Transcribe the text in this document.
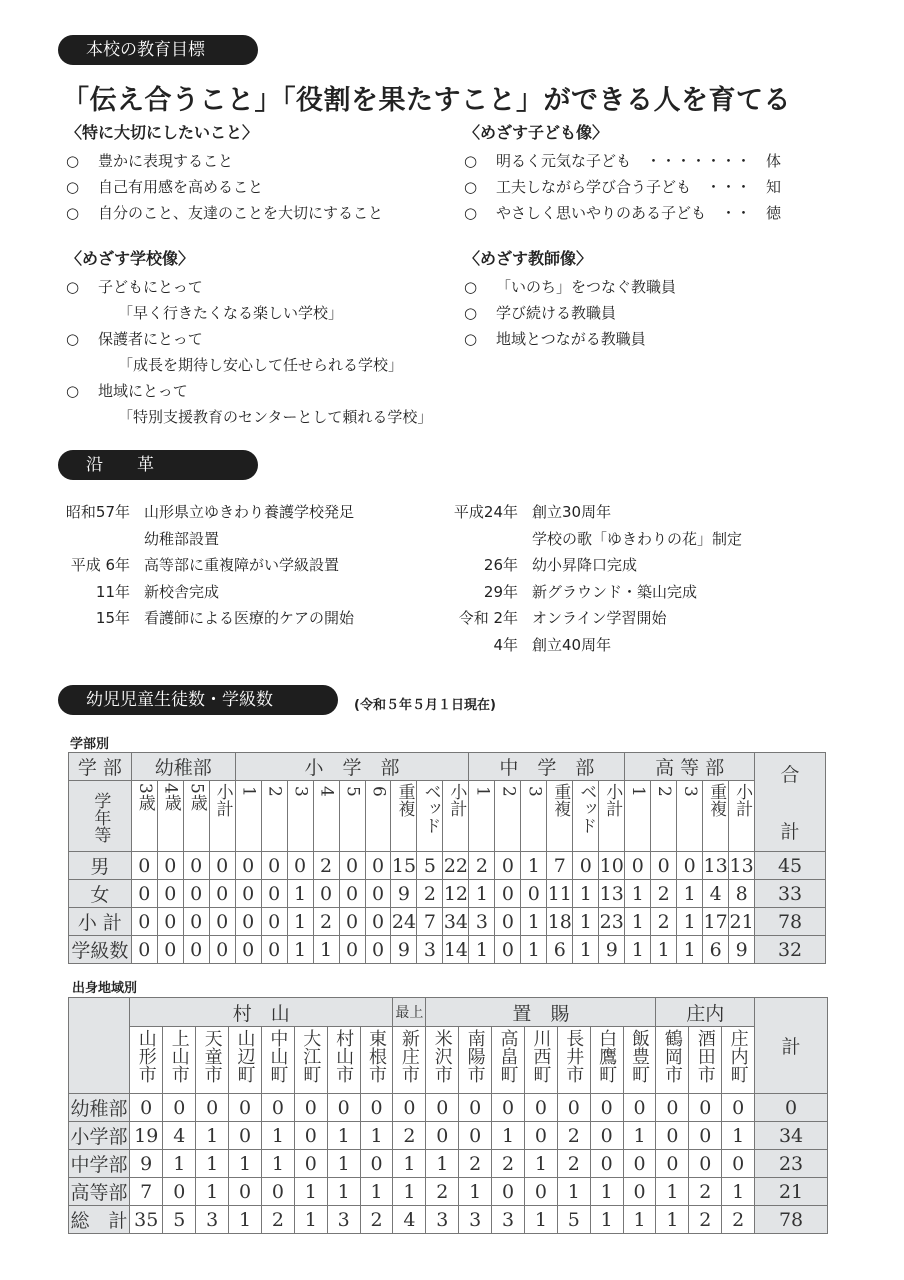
本校の教育目標
「伝え合うこと」「役割を果たすこと」ができる人を育てる
〈特に大切にしたいこと〉
○ 豊かに表現すること
○ 自己有用感を高めること
○ 自分のこと、友達のことを大切にすること
〈めざす子ども像〉
○ 明るく元気な子ども　・・・・・・・ 体
○ 工夫しながら学び合う子ども　・・・ 知
○ やさしく思いやりのある子ども　・・ 徳
〈めざす学校像〉
○ 子どもにとって
「早く行きたくなる楽しい学校」
○ 保護者にとって
「成長を期待し安心して任せられる学校」
○ 地域にとって
「特別支援教育のセンターとして頼れる学校」
〈めざす教師像〉
○ 「いのち」をつなぐ教職員
○ 学び続ける教職員
○ 地域とつながる教職員
沿　　革
昭和57年 山形県立ゆきわり養護学校発足
幼稚部設置
平成 6年 高等部に重複障がい学級設置
11年 新校舎完成
15年 看護師による医療的ケアの開始
平成24年 創立30周年
学校の歌「ゆきわりの花」制定
26年 幼小昇降口完成
29年 新グラウンド・築山完成
令和 2年 オンライン学習開始
4年 創立40周年
幼児児童生徒数・学級数	(令和５年５月１日現在)
学部別
学 部	幼稚部				小　学　部									中　学　部						高 等 部					合
計

学年等	3歳	4歳	5歳	小計	1	2	3	4	5	6	重複	ベッド	小計	1	2	3	重複	ベッド	小計	1	2	3	重複	小計	
男	0	0	0	0	0	0	0	2	0	0	15	5	22	2	0	1	7	0	10	0	0	0	13	13	45
女	0	0	0	0	0	0	1	0	0	0	9	2	12	1	0	0	11	1	13	1	2	1	4	8	33
小 計	0	0	0	0	0	0	1	2	0	0	24	7	34	3	0	1	18	1	23	1	2	1	17	21	78
学級数	0	0	0	0	0	0	1	1	0	0	9	3	14	1	0	1	6	1	9	1	1	1	6	9	32
出身地域別
	村　山								最上	置　賜							庄内			計
	山形市	上山市	天童市	山辺町	中山町	大江町	村山市	東根市	新庄市	米沢市	南陽市	高畠町	川西町	長井市	白鷹町	飯豊町	鶴岡市	酒田市	庄内町	
幼稚部	0	0	0	0	0	0	0	0	0	0	0	0	0	0	0	0	0	0	0	0
小学部	19	4	1	0	1	0	1	1	2	0	0	1	0	2	0	1	0	0	1	34
中学部	9	1	1	1	1	0	1	0	1	1	2	2	1	2	0	0	0	0	0	23
高等部	7	0	1	0	0	1	1	1	1	2	1	0	0	1	1	0	1	2	1	21
総　計	35	5	3	1	2	1	3	2	4	3	3	3	1	5	1	1	1	2	2	78
